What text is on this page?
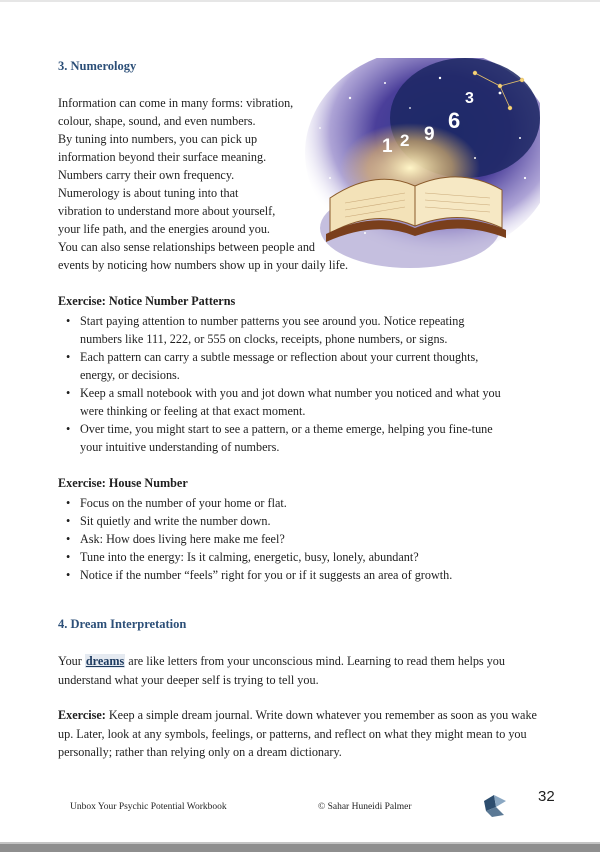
3. Numerology
1 2 9
6
3
Information can come in many forms: vibration,
colour, shape, sound, and even numbers.
By tuning into numbers, you can pick up
information beyond their surface meaning.
Numbers carry their own frequency.
Numerology is about tuning into that
vibration to understand more about yourself,
your life path, and the energies around you.
You can also sense relationships between people and
events by noticing how numbers show up in your daily life.
Exercise: Notice Number Patterns
• Start paying attention to number patterns you see around you. Notice repeating
numbers like 111, 222, or 555 on clocks, receipts, phone numbers, or signs.
• Each pattern can carry a subtle message or reflection about your current thoughts,
energy, or decisions.
• Keep a small notebook with you and jot down what number you noticed and what you
were thinking or feeling at that exact moment.
• Over time, you might start to see a pattern, or a theme emerge, helping you fine-tune
your intuitive understanding of numbers.
Exercise: House Number
• Focus on the number of your home or flat.
• Sit quietly and write the number down.
• Ask: How does living here make me feel?
• Tune into the energy: Is it calming, energetic, busy, lonely, abundant?
• Notice if the number “feels” right for you or if it suggests an area of growth.
4. Dream Interpretation
Your dreams are like letters from your unconscious mind. Learning to read them helps you understand what your deeper self is trying to tell you.
Exercise: Keep a simple dream journal. Write down whatever you remember as soon as you wake up. Later, look at any symbols, feelings, or patterns, and reflect on what they might mean to you personally; rather than relying only on a dream dictionary.
Unbox Your Psychic Potential Workbook	© Sahar Huneidi Palmer
32
